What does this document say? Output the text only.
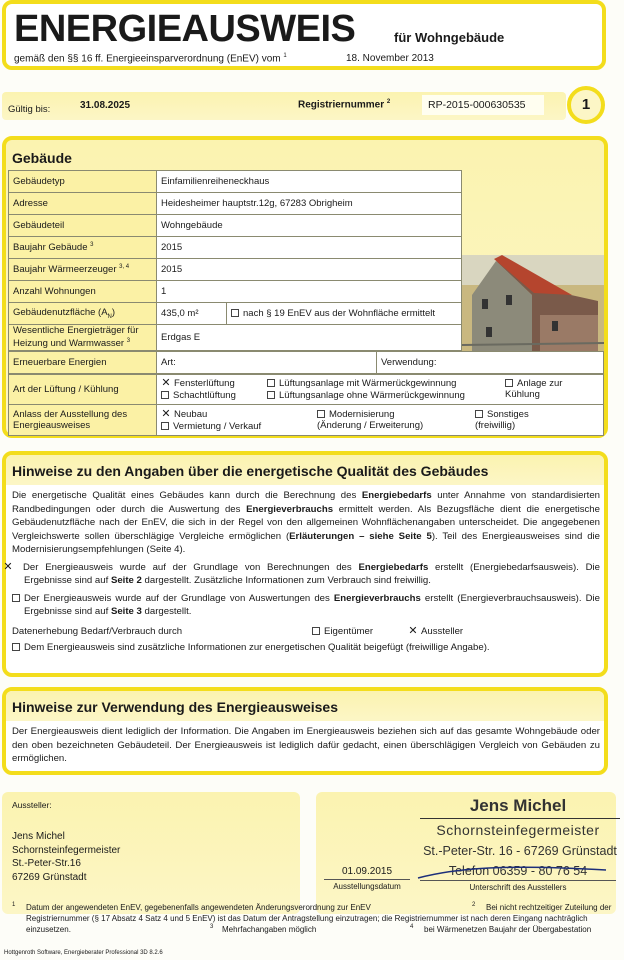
ENERGIEAUSWEIS	für Wohngebäude
gemäß den §§ 16 ff. Energieeinsparverordnung (EnEV) vom $^1$	18. November 2013
Gültig bis:	31.08.2025	Registriernummer $^2$	RP-2015-000630535	1
Gebäude
Gebäudetyp	Einfamilienreiheneckhaus	

Adresse	Heidesheimer hauptstr.12g, 67283 Obrigheim		
Gebäudeteil	Wohngebäude		
Baujahr Gebäude $^3$	2015		
Baujahr Wärmeerzeuger $^{3, 4}$	2015		
Anzahl Wohnungen	1		
Gebäudenutzfläche $(A_N)$	435,0 m²	nach § 19 EnEV aus der Wohnfläche ermittelt	
Wesentliche Energieträger für Heizung und Warmwasser $^3$	Erdgas E		
Erneuerbare Energien	Art:	Verwendung:
Art der Lüftung / Kühlung	✕ Fensterlüftung
Schachtlüftung
Lüftungsanlage mit Wärmerückgewinnung
Lüftungsanlage ohne Wärmerückgewinnung
Anlage zur Kühlung

Anlass der Ausstellung des Energieausweises	✕ Neubau
Vermietung / Verkauf
Modernisierung (Änderung / Erweiterung)
Sonstiges (freiwillig)
Hinweise zu den Angaben über die energetische Qualität des Gebäudes

Die energetische Qualität eines Gebäudes kann durch die Berechnung des Energiebedarfs unter Annahme von standardisierten Randbedingungen oder durch die Auswertung des Energieverbrauchs ermittelt werden. Als Bezugsfläche dient die energetische Gebäudenutzfläche nach der EnEV, die sich in der Regel von den allgemeinen Wohnflächenangaben unterscheidet. Die angegebenen Vergleichswerte sollen überschlägige Vergleiche ermöglichen (Erläuterungen – siehe Seite 5). Teil des Energieausweises sind die Modernisierungsempfehlungen (Seite 4).

✕ Der Energieausweis wurde auf der Grundlage von Berechnungen des Energiebedarfs erstellt (Energiebedarfsausweis). Die Ergebnisse sind auf Seite 2 dargestellt. Zusätzliche Informationen zum Verbrauch sind freiwillig.

Der Energieausweis wurde auf der Grundlage von Auswertungen des Energieverbrauchs erstellt (Energieverbrauchsausweis). Die Ergebnisse sind auf Seite 3 dargestellt.

Datenerhebung Bedarf/Verbrauch durch	Eigentümer	✕ Aussteller

Dem Energieausweis sind zusätzliche Informationen zur energetischen Qualität beigefügt (freiwillige Angabe).

Hinweise zur Verwendung des Energieausweises

Der Energieausweis dient lediglich der Information. Die Angaben im Energieausweis beziehen sich auf das gesamte Wohngebäude oder den oben bezeichneten Gebäudeteil. Der Energieausweis ist lediglich dafür gedacht, einen überschlägigen Vergleich von Gebäuden zu ermöglichen.

Aussteller:
Jens Michel
Schornsteinfegermeister
St.-Peter-Str.16
67269 Grünstadt	01.09.2015
Ausstellungsdatum
Jens Michel
Schornsteinfegermeister
St.-Peter-Str. 16 - 67269 Grünstadt
Telefon 06359 - 80 76 54
Unterschrift des Ausstellers
$^1$ Datum der angewendeten EnEV, gegebenenfalls angewendeten Änderungsverordnung zur EnEV	$^2$	Bei nicht rechtzeitiger Zuteilung der Registriernummer (§ 17 Absatz 4 Satz 4 und 5 EnEV) ist das Datum der Antragstellung einzutragen; die Registriernummer ist nach deren Eingang nachträglich einzusetzen.	$^3$ Mehrfachangaben möglich	$^4$ bei Wärmenetzen Baujahr der Übergabestation
Hottgenroth Software, Energieberater Professional 3D 8.2.6
